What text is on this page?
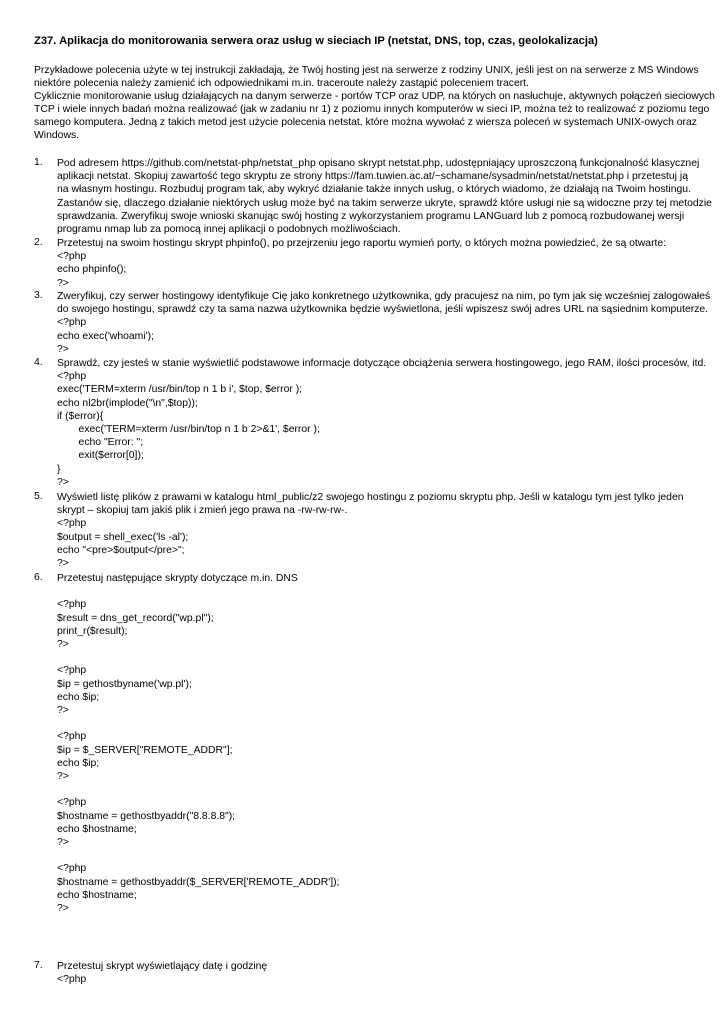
Z37. Aplikacja do monitorowania serwera oraz usług w sieciach IP (netstat, DNS, top, czas, geolokalizacja)
Przykładowe polecenia użyte w tej instrukcji zakładają, że Twój hosting jest na serwerze z rodziny UNIX, jeśli jest on na serwerze z MS Windows
niektóre polecenia należy zamienić ich odpowiednikami m.in. traceroute należy zastąpić poleceniem tracert.
Cyklicznie monitorowanie usług działających na danym serwerze - portów TCP oraz UDP, na których on nasłuchuje, aktywnych połączeń sieciowych
TCP i wiele innych badań można realizować (jak w zadaniu nr 1) z poziomu innych komputerów w sieci IP, można też to realizować z poziomu tego
samego komputera. Jedną z takich metod jest użycie polecenia netstat, które można wywołać z wiersza poleceń w systemach UNIX-owych oraz
Windows.
1.	Pod adresem https://github.com/netstat-php/netstat_php opisano skrypt netstat.php, udostępniający uproszczoną funkcjonalność klasycznej
aplikacji netstat. Skopiuj zawartość tego skryptu ze strony https://fam.tuwien.ac.at/~schamane/sysadmin/netstat/netstat.php i przetestuj ją
na własnym hostingu. Rozbuduj program tak, aby wykryć działanie także innych usług, o których wiadomo, że działają na Twoim hostingu.
Zastanów się, dlaczego działanie niektórych usług może być na takim serwerze ukryte, sprawdź które usługi nie są widoczne przy tej metodzie
sprawdzania. Zweryfikuj swoje wnioski skanując swój hosting z wykorzystaniem programu LANGuard lub z pomocą rozbudowanej wersji
programu nmap lub za pomocą innej aplikacji o podobnych możliwościach.
2.	Przetestuj na swoim hostingu skrypt phpinfo(), po przejrzeniu jego raportu wymień porty, o których można powiedzieć, że są otwarte:
<?php
echo phpinfo();
?>
3.	Zweryfikuj, czy serwer hostingowy identyfikuje Cię jako konkretnego użytkownika, gdy pracujesz na nim, po tym jak się wcześniej zalogowałeś
do swojego hostingu, sprawdź czy ta sama nazwa użytkownika będzie wyświetlona, jeśli wpiszesz swój adres URL na sąsiednim komputerze.
<?php
echo exec('whoami');
?>
4.	Sprawdź, czy jesteś w stanie wyświetlić podstawowe informacje dotyczące obciążenia serwera hostingowego, jego RAM, ilości procesów, itd.
<?php
exec('TERM=xterm /usr/bin/top n 1 b i', $top, $error );
echo nl2br(implode("\n",$top));
if ($error){
exec('TERM=xterm /usr/bin/top n 1 b 2>&1', $error );
echo "Error: ";
exit($error[0]);
}
?>
5.	Wyświetl listę plików z prawami w katalogu html_public/z2 swojego hostingu z poziomu skryptu php. Jeśli w katalogu tym jest tylko jeden
skrypt – skopiuj tam jakiś plik i zmień jego prawa na -rw-rw-rw-.
<?php
$output = shell_exec('ls -al');
echo "<pre>$output</pre>";
?>
6.	Przetestuj następujące skrypty dotyczące m.in. DNS
<?php
$result = dns_get_record("wp.pl");
print_r($result);
?>
<?php
$ip = gethostbyname('wp.pl');
echo $ip;
?>
<?php
$ip = $_SERVER["REMOTE_ADDR"];
echo $ip;
?>
<?php
$hostname = gethostbyaddr("8.8.8.8");
echo $hostname;
?>
<?php
$hostname = gethostbyaddr($_SERVER['REMOTE_ADDR']);
echo $hostname;
?>
7.	Przetestuj skrypt wyświetlający datę i godzinę
<?php
